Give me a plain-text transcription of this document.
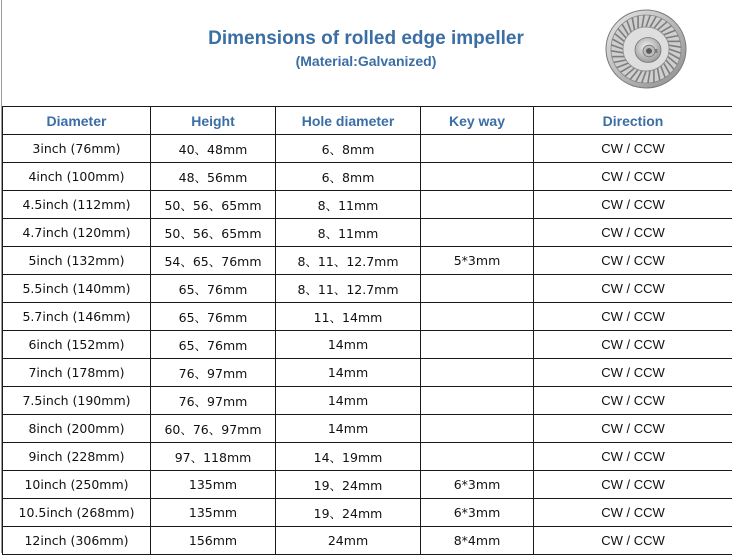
Dimensions of rolled edge impeller
(Material:Galvanized)
Diameter	Height	Hole diameter	Key way	Direction
3inch (76mm)	40、48mm	6、8mm		CW / CCW
4inch (100mm)	48、56mm	6、8mm		CW / CCW
4.5inch (112mm)	50、56、65mm	8、11mm		CW / CCW
4.7inch (120mm)	50、56、65mm	8、11mm		CW / CCW
5inch (132mm)	54、65、76mm	8、11、12.7mm	5*3mm	CW / CCW
5.5inch (140mm)	65、76mm	8、11、12.7mm		CW / CCW
5.7inch (146mm)	65、76mm	11、14mm		CW / CCW
6inch (152mm)	65、76mm	14mm		CW / CCW
7inch (178mm)	76、97mm	14mm		CW / CCW
7.5inch (190mm)	76、97mm	14mm		CW / CCW
8inch (200mm)	60、76、97mm	14mm		CW / CCW
9inch (228mm)	97、118mm	14、19mm		CW / CCW
10inch (250mm)	135mm	19、24mm	6*3mm	CW / CCW
10.5inch (268mm)	135mm	19、24mm	6*3mm	CW / CCW
12inch (306mm)	156mm	24mm	8*4mm	CW / CCW
